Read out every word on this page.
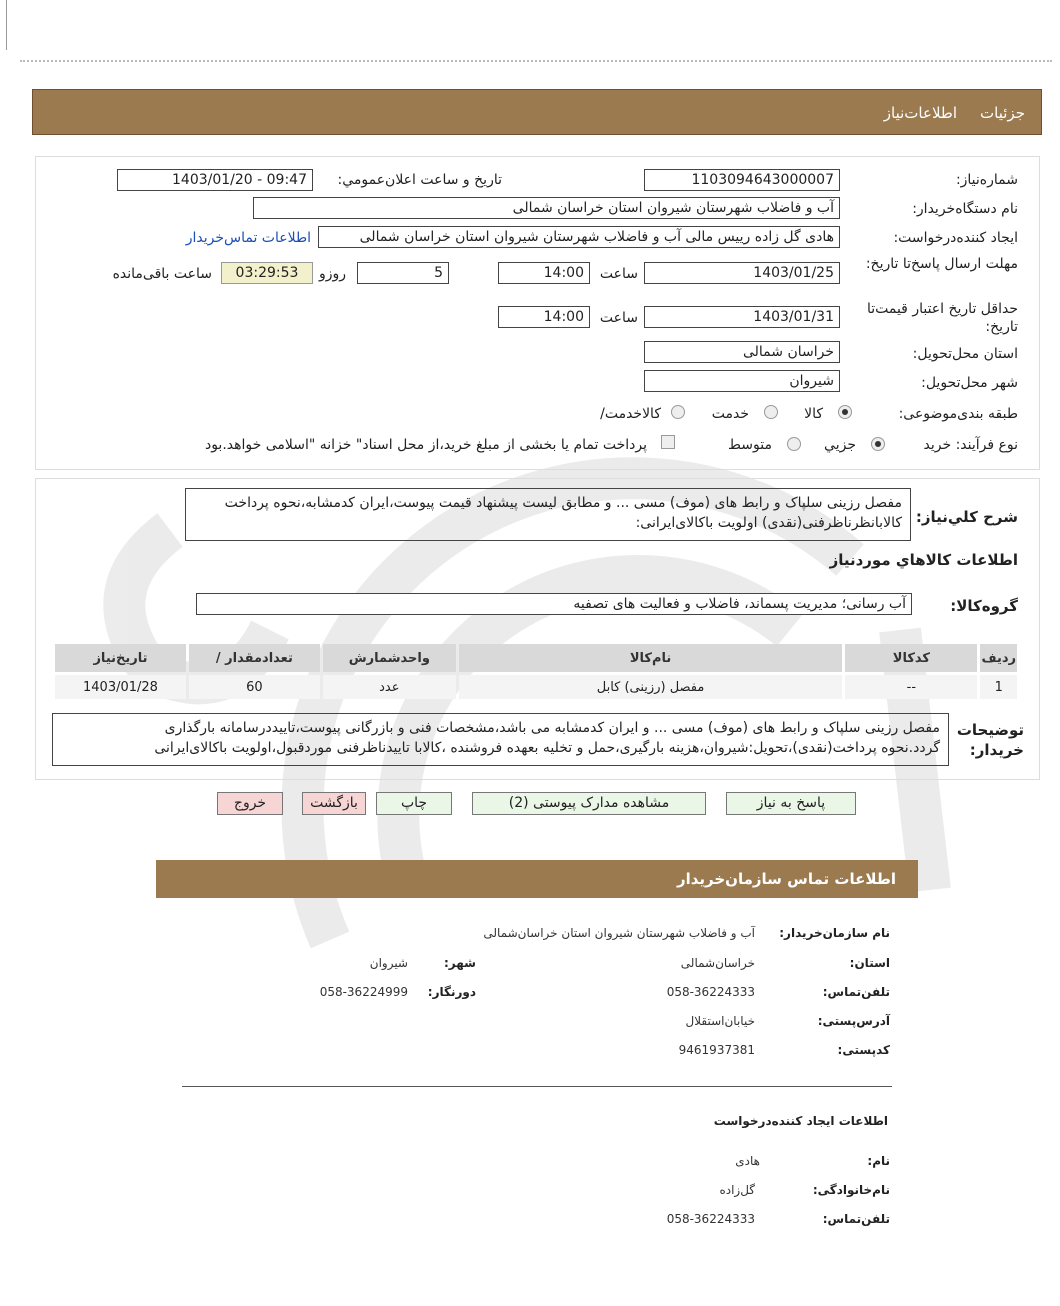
جزئیات
اطلاعات‌نیاز
شماره‌نیاز:
1103094643000007
تاریخ و ساعت اعلان‌عمومي:
1403/01/20 - 09:47
نام دستگاه‌خریدار:
آب و فاضلاب شهرستان شیروان استان خراسان شمالی
ایجاد کننده‌درخواست:
هادی گل زاده رییس مالی آب و فاضلاب شهرستان شیروان استان خراسان شمالی
اطلاعات تماس‌خریدار
مهلت ارسال پاسخ‌تا تاریخ:
1403/01/25
ساعت
14:00
5
روزو
03:29:53
ساعت باقی‌مانده
حداقل تاریخ اعتبار قیمت‌تا تاریخ:
1403/01/31
ساعت
14:00
استان محل‌تحویل:
خراسان شمالی
شهر محل‌تحویل:
شیروان
طبقه بندی‌موضوعی:
کالا
خدمت
کالا‌خدمت/
نوع فرآیند: خرید
جزيي
متوسط
پرداخت تمام یا بخشی از مبلغ خرید،از محل اسناد" خزانه "اسلامی خواهد.بود
شرح کلي‌نياز:
مفصل رزینی سلپاک و رابط های (موف) مسی ... و مطابق لیست پیشنهاد قیمت پیوست،ایران کدمشابه،نحوه پرداخت کالابانظرناظرفنی(نقدی) اولویت باکالای‌ایرانی:
اطلاعات کالاهاي موردنياز
گروه‌کالا:
آب رسانی؛ مدیریت پسماند، فاضلاب و فعالیت های تصفیه
ردیف	کدکالا	نام‌کالا	واحدشمارش	تعدادمقدار /	تاریخ‌نیاز
1	--	مفصل (رزینی) کابل	عدد	60	1403/01/28
توضیحات خریدار:
مفصل رزینی سلپاک و رابط های (موف) مسی ... و ایران کدمشابه می باشد،مشخصات فنی و بازرگانی پیوست،تاییددرسامانه بارگذاری
گردد.نحوه پرداخت(نقدی)،تحویل:شیروان،هزینه بارگیری،حمل و تخلیه بعهده فروشنده ،کالابا تاییدناظرفنی موردقبول،اولویت باکالای‌ایرانی
پاسخ به نیاز
مشاهده مدارک پیوستی (2)
چاپ
بازگشت
خروج
اطلاعات تماس سازمان‌خریدار
نام سازمان‌خریدار:
آب و فاضلاب شهرستان شیروان استان خراسان‌شمالی
استان:
خراسان‌شمالی
شهر:
شیروان
تلفن‌تماس:
058-36224333
دورنگار:
058-36224999
آدرس‌پستی:
خیابان‌استقلال
کدپستی:
9461937381
اطلاعات ایجاد کننده‌درخواست
نام:
هادی
نام‌خانوادگی:
گل‌زاده
تلفن‌تماس:
058-36224333
